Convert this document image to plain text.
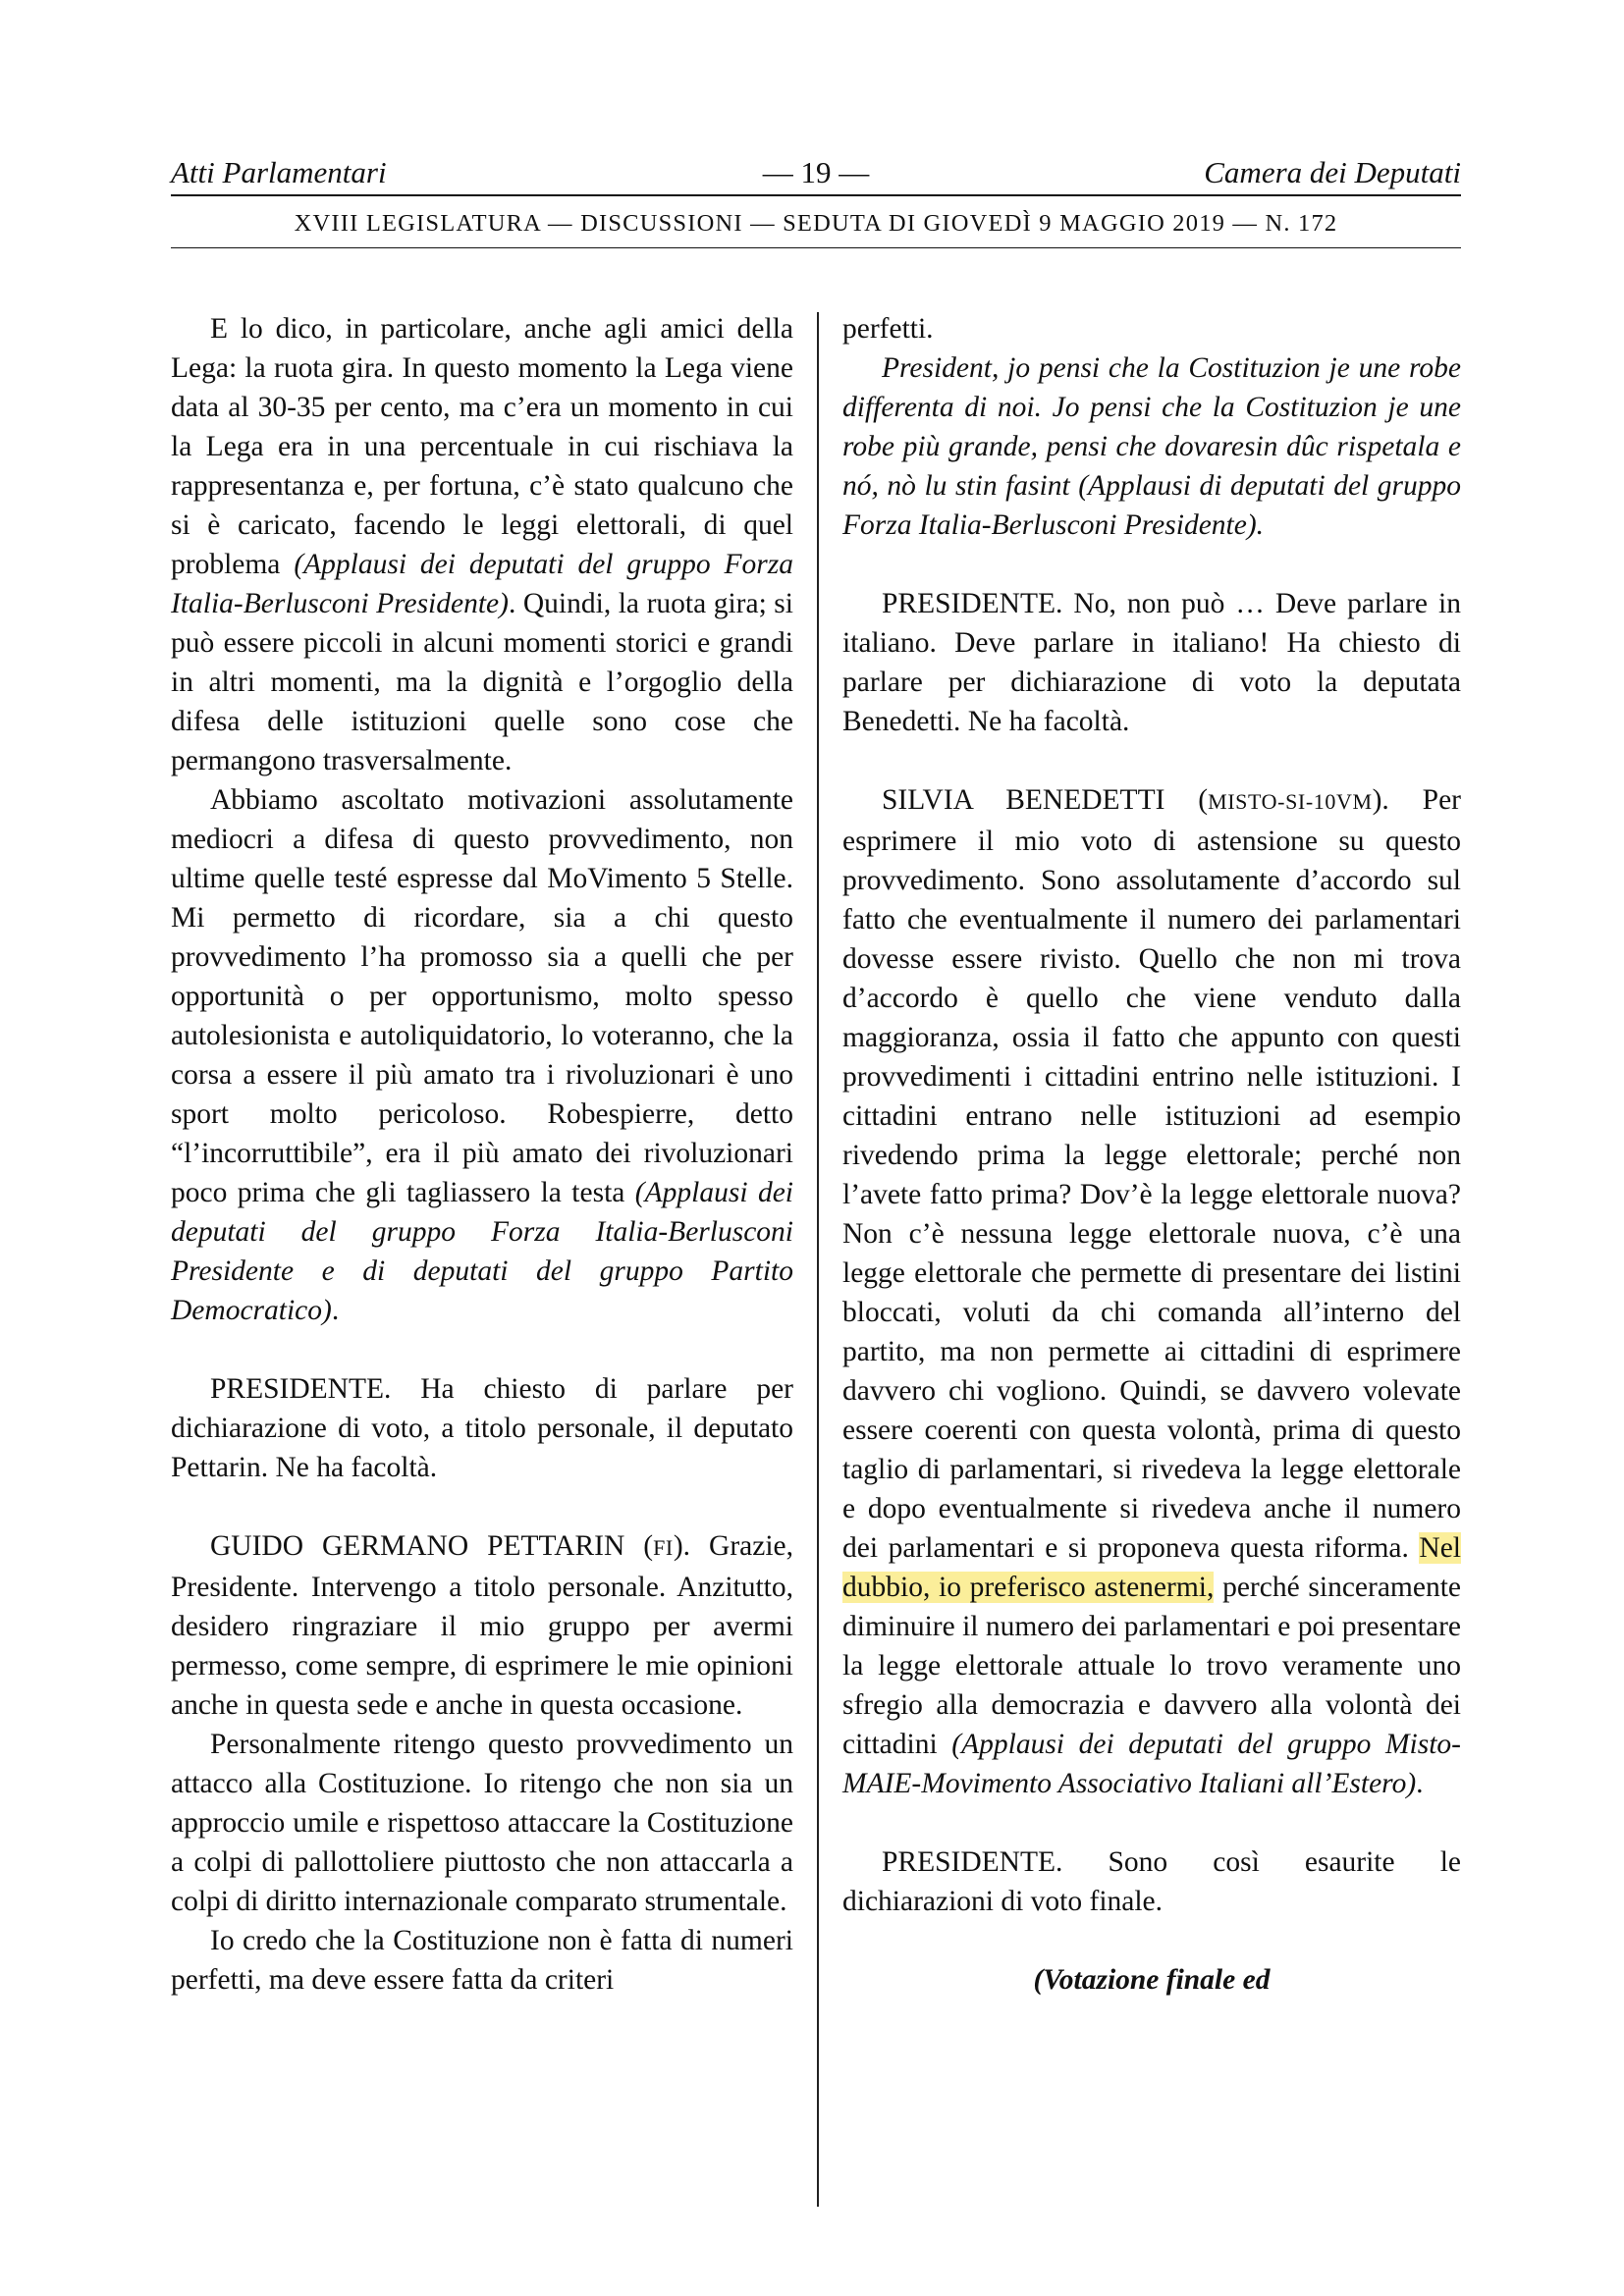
Atti Parlamentari	— 19 —	Camera dei Deputati
XVIII LEGISLATURA — DISCUSSIONI — SEDUTA DI GIOVEDÌ 9 MAGGIO 2019 — N. 172

E lo dico, in particolare, anche agli amici della Lega: la ruota gira. In questo momento la Lega viene data al 30-35 per cento, ma c’era un momento in cui la Lega era in una percentuale in cui rischiava la rappresentanza e, per fortuna, c’è stato qualcuno che si è caricato, facendo le leggi elettorali, di quel problema (Applausi dei deputati del gruppo Forza Italia-Berlusconi Presidente). Quindi, la ruota gira; si può essere piccoli in alcuni momenti storici e grandi in altri momenti, ma la dignità e l’orgoglio della difesa delle istituzioni quelle sono cose che permangono trasversalmente.

Abbiamo ascoltato motivazioni assolutamente mediocri a difesa di questo provvedimento, non ultime quelle testé espresse dal MoVimento 5 Stelle. Mi permetto di ricordare, sia a chi questo provvedimento l’ha promosso sia a quelli che per opportunità o per opportunismo, molto spesso autolesionista e autoliquidatorio, lo voteranno, che la corsa a essere il più amato tra i rivoluzionari è uno sport molto pericoloso. Robespierre, detto “l’incorruttibile”, era il più amato dei rivoluzionari poco prima che gli tagliassero la testa (Applausi dei deputati del gruppo Forza Italia-Berlusconi Presidente e di deputati del gruppo Partito Democratico).

PRESIDENTE. Ha chiesto di parlare per dichiarazione di voto, a titolo personale, il deputato Pettarin. Ne ha facoltà.

GUIDO GERMANO PETTARIN (FI). Grazie, Presidente. Intervengo a titolo personale. Anzitutto, desidero ringraziare il mio gruppo per avermi permesso, come sempre, di esprimere le mie opinioni anche in questa sede e anche in questa occasione.

Personalmente ritengo questo provvedimento un attacco alla Costituzione. Io ritengo che non sia un approccio umile e rispettoso attaccare la Costituzione a colpi di pallottoliere piuttosto che non attaccarla a colpi di diritto internazionale comparato strumentale.

Io credo che la Costituzione non è fatta di numeri perfetti, ma deve essere fatta da criteri

perfetti.

President, jo pensi che la Costituzion je une robe differenta di noi. Jo pensi che la Costituzion je une robe più grande, pensi che dovaresin dûc rispetala e nó, nò lu stin fasint (Applausi di deputati del gruppo Forza Italia-Berlusconi Presidente).

PRESIDENTE. No, non può … Deve parlare in italiano. Deve parlare in italiano! Ha chiesto di parlare per dichiarazione di voto la deputata Benedetti. Ne ha facoltà.

SILVIA BENEDETTI (MISTO-SI-10VM). Per esprimere il mio voto di astensione su questo provvedimento. Sono assolutamente d’accordo sul fatto che eventualmente il numero dei parlamentari dovesse essere rivisto. Quello che non mi trova d’accordo è quello che viene venduto dalla maggioranza, ossia il fatto che appunto con questi provvedimenti i cittadini entrino nelle istituzioni. I cittadini entrano nelle istituzioni ad esempio rivedendo prima la legge elettorale; perché non l’avete fatto prima? Dov’è la legge elettorale nuova? Non c’è nessuna legge elettorale nuova, c’è una legge elettorale che permette di presentare dei listini bloccati, voluti da chi comanda all’interno del partito, ma non permette ai cittadini di esprimere davvero chi vogliono. Quindi, se davvero volevate essere coerenti con questa volontà, prima di questo taglio di parlamentari, si rivedeva la legge elettorale e dopo eventualmente si rivedeva anche il numero dei parlamentari e si proponeva questa riforma. Nel dubbio, io preferisco astenermi, perché sinceramente diminuire il numero dei parlamentari e poi presentare la legge elettorale attuale lo trovo veramente uno sfregio alla democrazia e davvero alla volontà dei cittadini (Applausi dei deputati del gruppo Misto-MAIE-Movimento Associativo Italiani all’Estero).

PRESIDENTE. Sono così esaurite le dichiarazioni di voto finale.

(Votazione finale ed
